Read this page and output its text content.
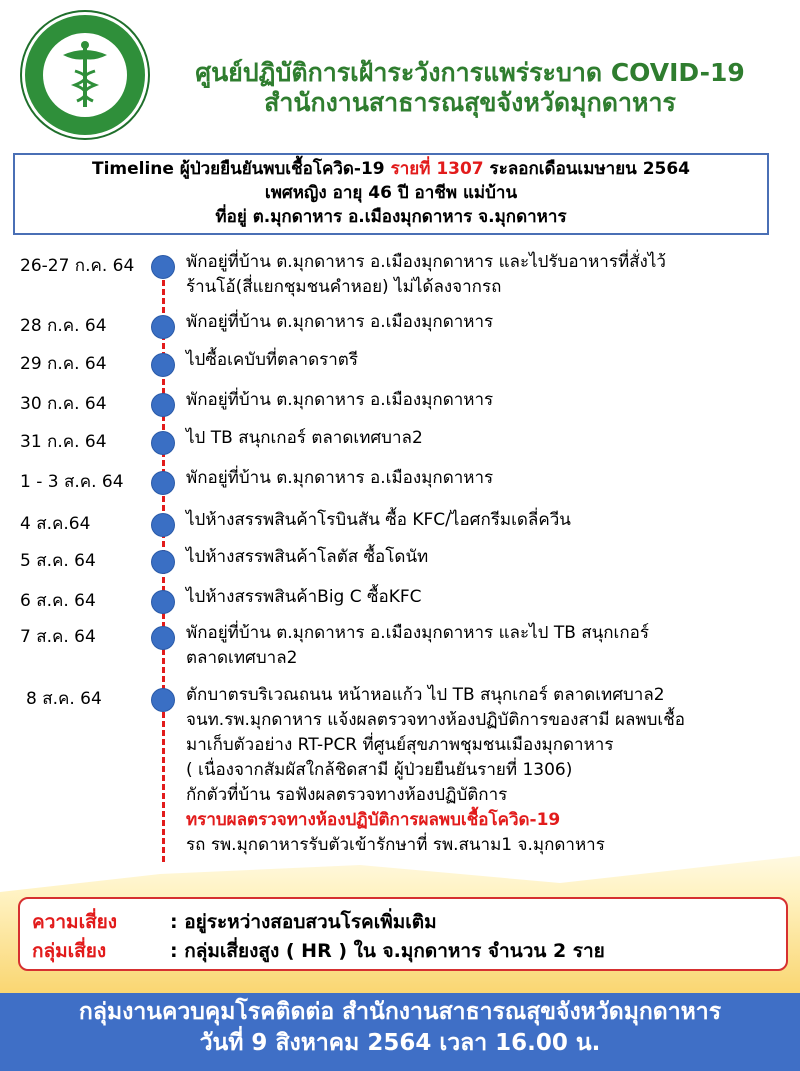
ศูนย์ปฏิบัติการเฝ้าระวังการแพร่ระบาด COVID-19
สำนักงานสาธารณสุขจังหวัดมุกดาหาร
Timeline ผู้ป่วยยืนยันพบเชื้อโควิด-19 รายที่ 1307 ระลอกเดือนเมษายน 2564
เพศหญิง อายุ 46 ปี อาชีพ แม่บ้าน
ที่อยู่ ต.มุกดาหาร อ.เมืองมุกดาหาร จ.มุกดาหาร
26-27 ก.ค. 64	พักอยู่ที่บ้าน ต.มุกดาหาร อ.เมืองมุกดาหาร และไปรับอาหารที่สั่งไว้
ร้านโอ้(สี่แยกชุมชนคำหอย) ไม่ได้ลงจากรถ
28 ก.ค. 64	พักอยู่ที่บ้าน ต.มุกดาหาร อ.เมืองมุกดาหาร
29 ก.ค. 64	ไปซื้อเคบับที่ตลาดราตรี
30 ก.ค. 64	พักอยู่ที่บ้าน ต.มุกดาหาร อ.เมืองมุกดาหาร
31 ก.ค. 64	ไป TB สนุกเกอร์ ตลาดเทศบาล2
1 - 3 ส.ค. 64	พักอยู่ที่บ้าน ต.มุกดาหาร อ.เมืองมุกดาหาร
4 ส.ค.64	ไปห้างสรรพสินค้าโรบินสัน ซื้อ KFC/ไอศกรีมเดลี่ควีน
5 ส.ค. 64	ไปห้างสรรพสินค้าโลตัส ซื้อโดนัท
6 ส.ค. 64	ไปห้างสรรพสินค้าBig C ซื้อKFC
7 ส.ค. 64	พักอยู่ที่บ้าน ต.มุกดาหาร อ.เมืองมุกดาหาร และไป TB สนุกเกอร์
ตลาดเทศบาล2
8 ส.ค. 64	ตักบาตรบริเวณถนน หน้าหอแก้ว ไป TB สนุกเกอร์ ตลาดเทศบาล2
จนท.รพ.มุกดาหาร แจ้งผลตรวจทางห้องปฏิบัติการของสามี ผลพบเชื้อ
มาเก็บตัวอย่าง RT-PCR ที่ศูนย์สุขภาพชุมชนเมืองมุกดาหาร
( เนื่องจากสัมผัสใกล้ชิดสามี ผู้ป่วยยืนยันรายที่ 1306)
กักตัวที่บ้าน รอฟังผลตรวจทางห้องปฏิบัติการ
ทราบผลตรวจทางห้องปฏิบัติการผลพบเชื้อโควิด-19
รถ รพ.มุกดาหารรับตัวเข้ารักษาที่ รพ.สนาม1 จ.มุกดาหาร
ความเสี่ยง	: อยู่ระหว่างสอบสวนโรคเพิ่มเติม
กลุ่มเสี่ยง	: กลุ่มเสี่ยงสูง ( HR ) ใน จ.มุกดาหาร จำนวน 2 ราย
กลุ่มงานควบคุมโรคติดต่อ สำนักงานสาธารณสุขจังหวัดมุกดาหาร
วันที่ 9 สิงหาคม 2564 เวลา 16.00 น.
